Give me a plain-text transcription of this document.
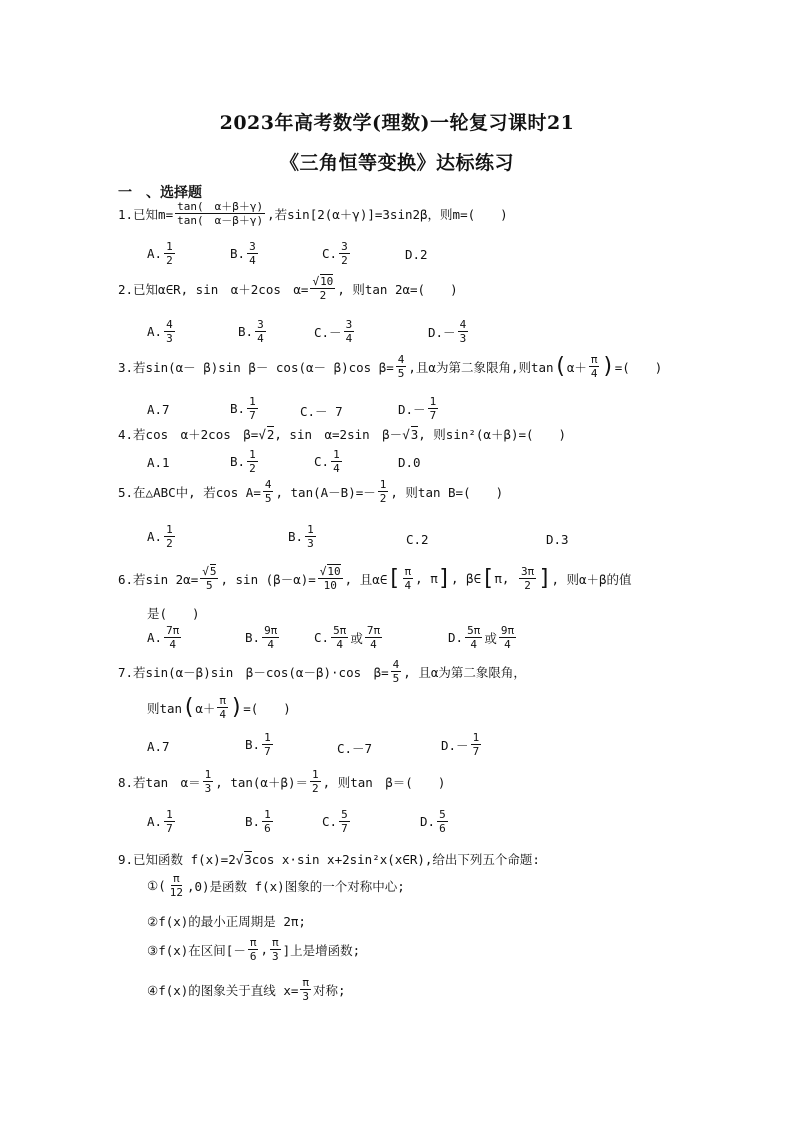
2023年高考数学(理数)一轮复习课时21
《三角恒等变换》达标练习
一　、选择题
1.已知$m= \frac{\tan( \alpha+\beta+\gamma)}{\tan( \alpha-\beta+\gamma)}$ ,若sin[2(α＋γ)]=3sin2β，则m=(　　)
A. $\frac{1}{2}$	B. $\frac{3}{4}$	C. $\frac{3}{2}$	D.2
2.已知α∈R, sin　α＋2cos　$\alpha= \frac{√10}{2}$ , 则tan 2α=(　　)
A. $\frac{4}{3}$	B. $\frac{3}{4}$	$C.- \frac{3}{4}$	$D.- \frac{4}{3}$
3.若sin(α－ β)sin β－ cos(α－ β)cos $\beta= \frac{4}{5}$ ,且α为第二象限角,则tan ( $\alpha+ \frac{\pi}{4}$ ) =(　　)
A.7	B. $\frac{1}{7}$	C.－ 7	$D.- \frac{1}{7}$
4.若cos　α＋2cos　β= √ 2 , sin　α=2sin　β－ √ 3 , 则sin²(α＋β)=(　　)
A.1	B. $\frac{1}{2}$	C. $\frac{1}{4}$	D.0
5.在△ABC中, 若$\cos A= \frac{4}{5}$ , $\tan(A-B)=- \frac{1}{2}$ , 则tan B=(　　)
A. $\frac{1}{2}$	B. $\frac{1}{3}$	C.2	D.3
6.若$\sin 2\alpha= \frac{√5}{5}$ , $\sin (\beta-\alpha)= \frac{√10}{10}$ , 且α∈ [ $\frac{\pi}{4}$ , π ] , β∈ [ π , $\frac{3\pi}{2}$ ] , 则α＋β的值
是(　　)
A. $\frac{7\pi}{4}$	B. $\frac{9\pi}{4}$	C. $\frac{5\pi}{4}$ 或 $\frac{7\pi}{4}$	D. $\frac{5\pi}{4}$ 或 $\frac{9\pi}{4}$
7.若sin(α－β)sin　β－cos(α－β)·cos　$\beta= \frac{4}{5}$ , 且α为第二象限角，
则tan ( $\alpha+ \frac{\pi}{4}$ ) =(　　)
A.7	B. $\frac{1}{7}$	C.－7	$D.- \frac{1}{7}$
8.若tan　$\alpha= \frac{1}{3}$ , $\tan(\alpha+\beta)= \frac{1}{2}$ , 则tan　β＝(　　)
A. $\frac{1}{7}$	B. $\frac{1}{6}$	C. $\frac{5}{7}$	D. $\frac{5}{6}$
9.已知函数 f(x)=2 √ 3 cos x·sin x+2sin²x(x∈R),给出下列五个命题:
①( $\frac{\pi}{12} ,0$)是函数 f(x)图象的一个对称中心;
②f(x)的最小正周期是 2π;
③f(x)在区间[－ $\frac{\pi}{6}$ , $\frac{\pi}{3}$ ]上是增函数;
④f(x)的图象关于直线 $x= \frac{\pi}{3}$ 对称;
